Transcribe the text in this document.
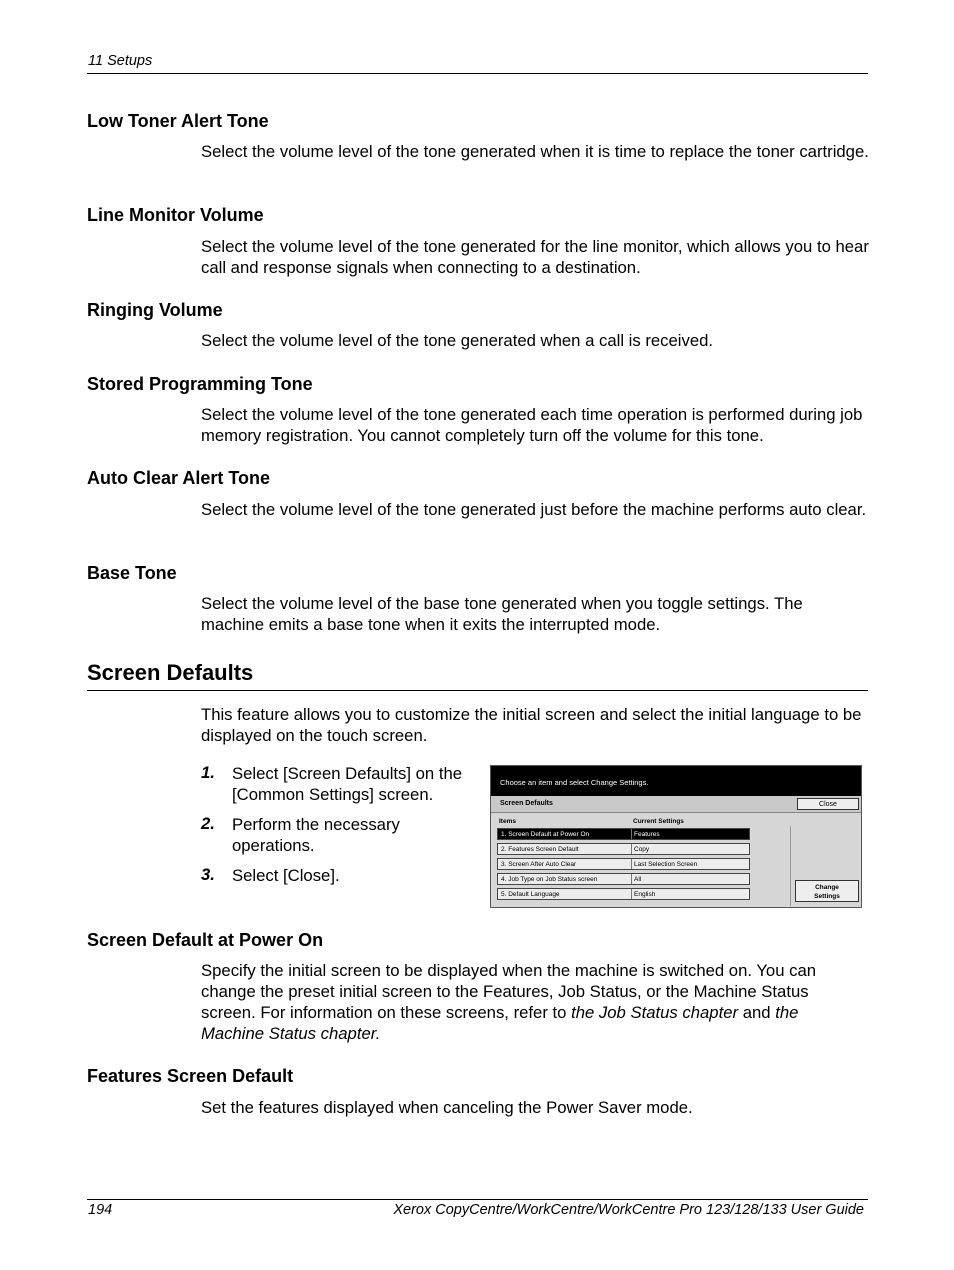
11 Setups
Low Toner Alert Tone
Select the volume level of the tone generated when it is time to replace the toner cartridge.
Line Monitor Volume
Select the volume level of the tone generated for the line monitor, which allows you to hear call and response signals when connecting to a destination.
Ringing Volume
Select the volume level of the tone generated when a call is received.
Stored Programming Tone
Select the volume level of the tone generated each time operation is performed during job memory registration. You cannot completely turn off the volume for this tone.
Auto Clear Alert Tone
Select the volume level of the tone generated just before the machine performs auto clear.
Base Tone
Select the volume level of the base tone generated when you toggle settings. The machine emits a base tone when it exits the interrupted mode.
Screen Defaults
This feature allows you to customize the initial screen and select the initial language to be displayed on the touch screen.
1. Select [Screen Defaults] on the [Common Settings] screen.
2. Perform the necessary operations.
3. Select [Close].
Choose an item and select Change Settings.
Screen Defaults	Close
Items	Current Settings
1. Screen Default at Power On	Features
2. Features Screen Default	Copy
3. Screen After Auto Clear	Last Selection Screen
4. Job Type on Job Status screen	All
5. Default Language	English
Change
Settings
Screen Default at Power On
Specify the initial screen to be displayed when the machine is switched on. You can change the preset initial screen to the Features, Job Status, or the Machine Status screen. For information on these screens, refer to the Job Status chapter and the Machine Status chapter.
Features Screen Default
Set the features displayed when canceling the Power Saver mode.
194	Xerox CopyCentre/WorkCentre/WorkCentre Pro 123/128/133 User Guide
